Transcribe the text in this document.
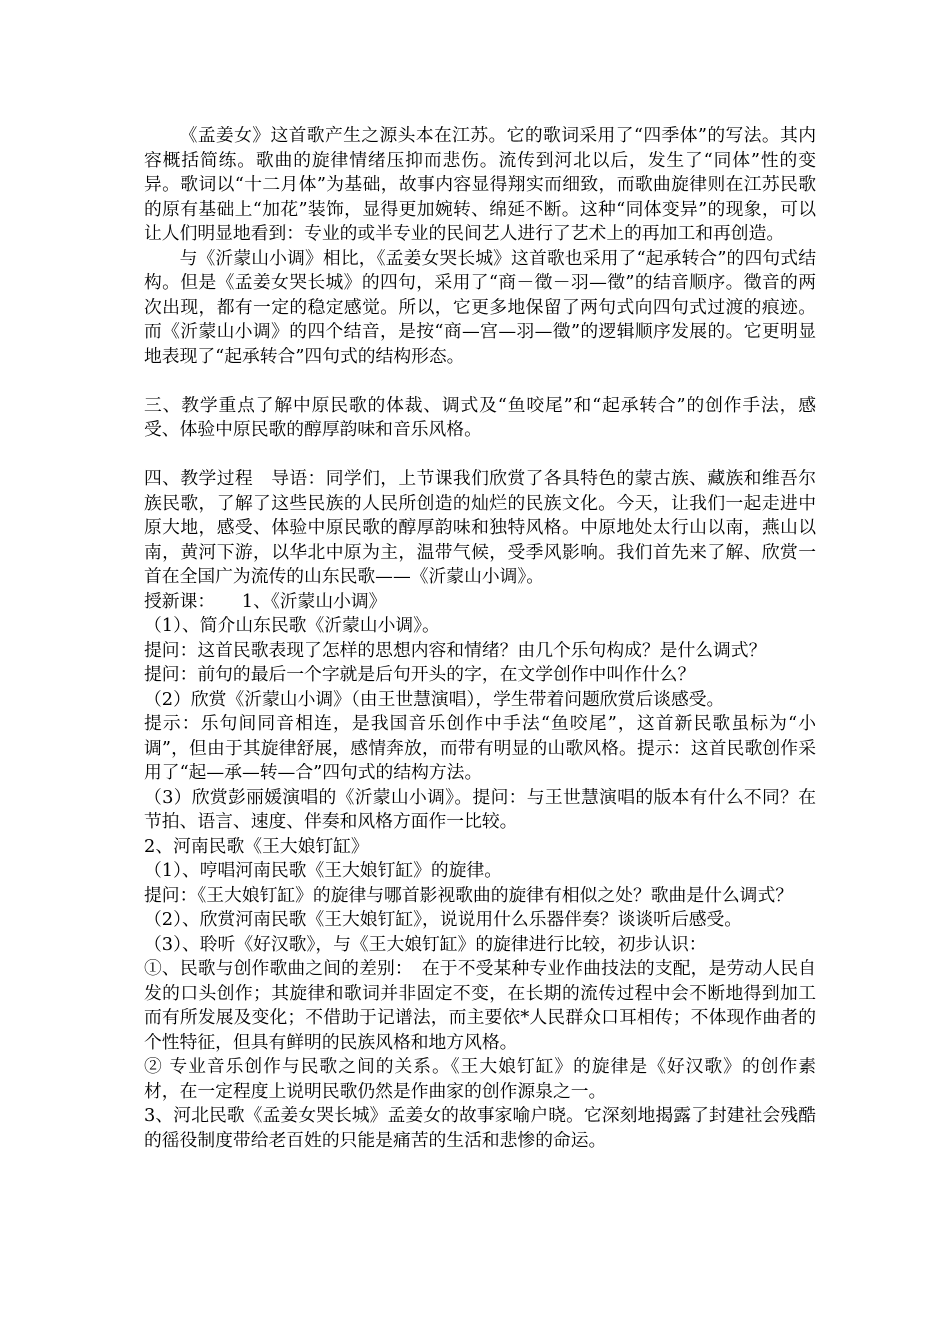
《孟姜女》这首歌产生之源头本在江苏。它的歌词采用了“四季体”的写法。其内容概括简练。歌曲的旋律情绪压抑而悲伤。流传到河北以后，发生了“同体”性的变异。歌词以“十二月体”为基础，故事内容显得翔实而细致，而歌曲旋律则在江苏民歌的原有基础上“加花”装饰，显得更加婉转、绵延不断。这种“同体变异”的现象，可以让人们明显地看到：专业的或半专业的民间艺人进行了艺术上的再加工和再创造。

与《沂蒙山小调》相比，《孟姜女哭长城》这首歌也采用了“起承转合”的四句式结构。但是《孟姜女哭长城》的四句，采用了“商－徵－羽—徵”的结音顺序。徵音的两次出现，都有一定的稳定感觉。所以，它更多地保留了两句式向四句式过渡的痕迹。而《沂蒙山小调》的四个结音，是按“商—宫—羽—徵”的逻辑顺序发展的。它更明显地表现了“起承转合”四句式的结构形态。

三、教学重点了解中原民歌的体裁、调式及“鱼咬尾”和“起承转合”的创作手法，感受、体验中原民歌的醇厚韵味和音乐风格。

四、教学过程　导语：同学们，上节课我们欣赏了各具特色的蒙古族、藏族和维吾尔族民歌，了解了这些民族的人民所创造的灿烂的民族文化。今天，让我们一起走进中原大地，感受、体验中原民歌的醇厚韵味和独特风格。中原地处太行山以南，燕山以南，黄河下游，以华北中原为主，温带气候，受季风影响。我们首先来了解、欣赏一首在全国广为流传的山东民歌——《沂蒙山小调》。

授新课：　　1、《沂蒙山小调》

（1）、简介山东民歌《沂蒙山小调》。

提问：这首民歌表现了怎样的思想内容和情绪？由几个乐句构成？是什么调式？

提问：前句的最后一个字就是后句开头的字，在文学创作中叫作什么？

（2）欣赏《沂蒙山小调》（由王世慧演唱），学生带着问题欣赏后谈感受。

提示：乐句间同音相连，是我国音乐创作中手法“鱼咬尾”，这首新民歌虽标为“小调”，但由于其旋律舒展，感情奔放，而带有明显的山歌风格。提示：这首民歌创作采用了“起—承—转—合”四句式的结构方法。

（3）欣赏彭丽媛演唱的《沂蒙山小调》。提问：与王世慧演唱的版本有什么不同？在节拍、语言、速度、伴奏和风格方面作一比较。

2、河南民歌《王大娘钉缸》

（1）、哼唱河南民歌《王大娘钉缸》的旋律。

提问：《王大娘钉缸》的旋律与哪首影视歌曲的旋律有相似之处？歌曲是什么调式？

（2）、欣赏河南民歌《王大娘钉缸》，说说用什么乐器伴奏？谈谈听后感受。

（3）、聆听《好汉歌》，与《王大娘钉缸》的旋律进行比较，初步认识：

①、民歌与创作歌曲之间的差别：　在于不受某种专业作曲技法的支配，是劳动人民自发的口头创作；其旋律和歌词并非固定不变，在长期的流传过程中会不断地得到加工而有所发展及变化；不借助于记谱法，而主要依*人民群众口耳相传；不体现作曲者的个性特征，但具有鲜明的民族风格和地方风格。

② 专业音乐创作与民歌之间的关系。《王大娘钉缸》的旋律是《好汉歌》的创作素材，在一定程度上说明民歌仍然是作曲家的创作源泉之一。

3、河北民歌《孟姜女哭长城》孟姜女的故事家喻户晓。它深刻地揭露了封建社会残酷的徭役制度带给老百姓的只能是痛苦的生活和悲惨的命运。
